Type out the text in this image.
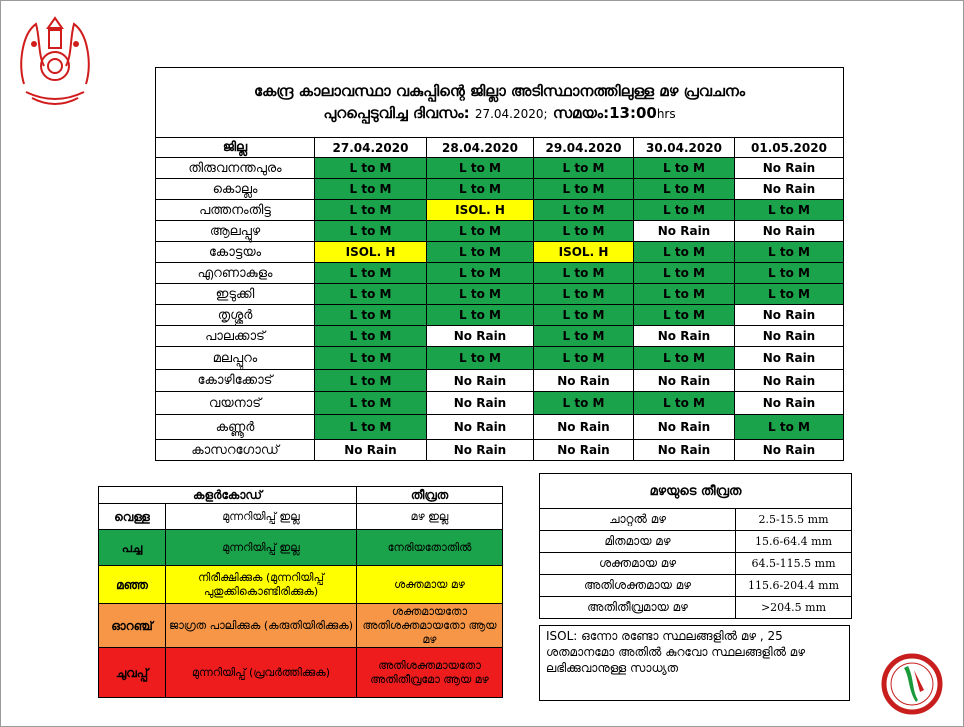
കേന്ദ്ര കാലാവസ്ഥാ വകുപ്പിന്റെ ജില്ലാ അടിസ്ഥാനത്തിലുള്ള മഴ പ്രവചനം
പുറപ്പെടുവിച്ച ദിവസം: 27.04.2020; സമയം:13:00hrs					

ജില്ല	27.04.2020	28.04.2020	29.04.2020	30.04.2020	01.05.2020
തിരുവനന്തപുരം	L to M	L to M	L to M	L to M	No Rain
കൊല്ലം	L to M	L to M	L to M	L to M	No Rain
പത്തനംതിട്ട	L to M	ISOL. H	L to M	L to M	L to M
ആലപ്പുഴ	L to M	L to M	L to M	No Rain	No Rain
കോട്ടയം	ISOL. H	L to M	ISOL. H	L to M	L to M
എറണാകുളം	L to M	L to M	L to M	L to M	L to M
ഇടുക്കി	L to M	L to M	L to M	L to M	L to M
തൃശ്ശൂർ	L to M	L to M	L to M	L to M	No Rain
പാലക്കാട്	L to M	No Rain	L to M	No Rain	No Rain
മലപ്പുറം	L to M	L to M	L to M	L to M	No Rain
കോഴിക്കോട്	L to M	No Rain	No Rain	No Rain	No Rain
വയനാട്	L to M	No Rain	L to M	L to M	No Rain
കണ്ണൂർ	L to M	No Rain	No Rain	No Rain	L to M
കാസറഗോഡ്	No Rain	No Rain	No Rain	No Rain	No Rain
കളർകോഡ്		തീവ്രത
വെള്ള	മുന്നറിയിപ്പ് ഇല്ല	മഴ ഇല്ല
പച്ച	മുന്നറിയിപ്പ് ഇല്ല	നേരിയതോതിൽ
മഞ്ഞ	നിരീക്ഷിക്കുക (മുന്നറിയിപ്പ് പുതുക്കികൊണ്ടിരിക്കുക)	ശക്തമായ മഴ
ഓറഞ്ച്	ജാഗ്രത പാലിക്കുക (കരുതിയിരിക്കുക)	ശക്തമായതോ അതിശക്തമായതോ ആയ മഴ
ചുവപ്പ്	മുന്നറിയിപ്പ് (പ്രവർത്തിക്കുക)	അതിശക്തമായതോ അതിതീവ്രമോ ആയ മഴ
മഴയുടെ തീവ്രത	
ചാറ്റൽ മഴ	2.5-15.5 mm
മിതമായ മഴ	15.6-64.4 mm
ശക്തമായ മഴ	64.5-115.5 mm
അതിശക്തമായ മഴ	115.6-204.4 mm
അതിതീവ്രമായ മഴ	>204.5 mm
ISOL: ഒന്നോ രണ്ടോ സ്ഥലങ്ങളിൽ മഴ , 25 ശതമാനമോ അതിൽ കുറവോ സ്ഥലങ്ങളിൽ മഴ ലഭിക്കുവാനുള്ള സാധ്യത
